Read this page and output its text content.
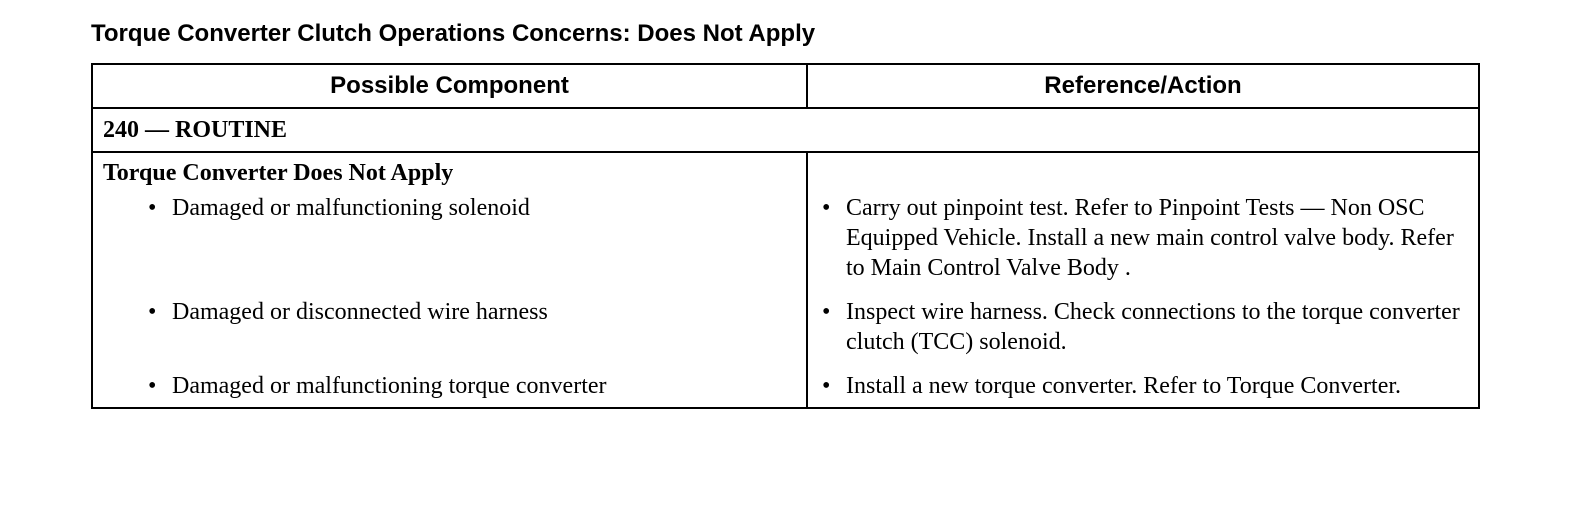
Torque Converter Clutch Operations Concerns: Does Not Apply
Possible Component	Reference/Action
240 — ROUTINE	

Torque Converter Does Not Apply	

• Damaged or malfunctioning solenoid	• Carry out pinpoint test. Refer to Pinpoint Tests — Non OSC Equipped Vehicle. Install a new main control valve body. Refer to Main Control Valve Body .

• Damaged or disconnected wire harness	• Inspect wire harness. Check connections to the torque converter clutch (TCC) solenoid.

• Damaged or malfunctioning torque converter	• Install a new torque converter. Refer to Torque Converter.
